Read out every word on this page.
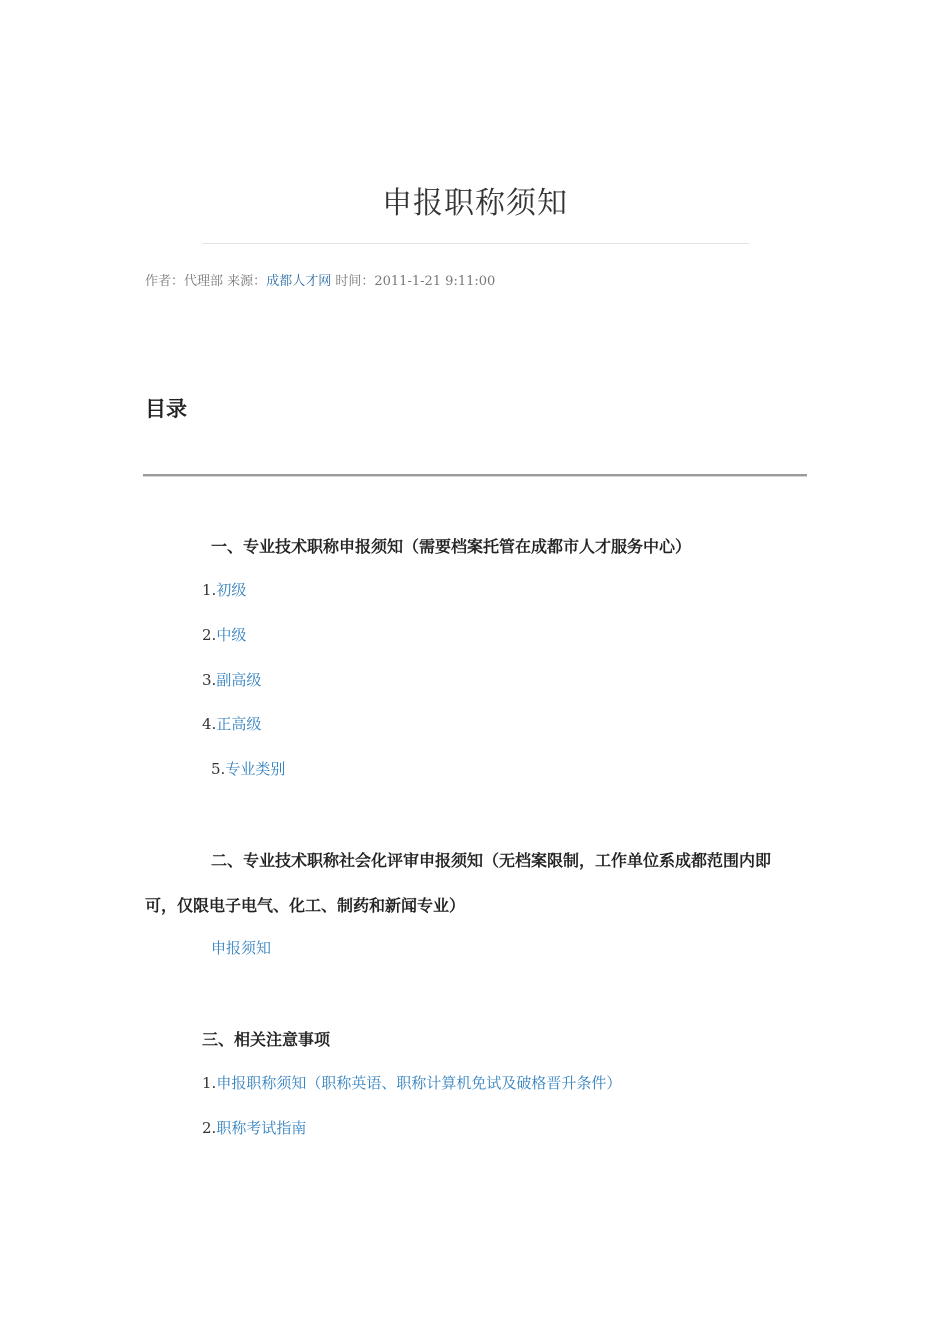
申报职称须知
作者：代理部 来源：成都人才网 时间：2011-1-21 9:11:00
目录
一、专业技术职称申报须知（需要档案托管在成都市人才服务中心）
1.初级
2.中级
3.副高级
4.正高级
5.专业类别
二、专业技术职称社会化评审申报须知（无档案限制，工作单位系成都范围内即
可，仅限电子电气、化工、制药和新闻专业）
申报须知
三、相关注意事项
1.申报职称须知（职称英语、职称计算机免试及破格晋升条件）
2.职称考试指南
